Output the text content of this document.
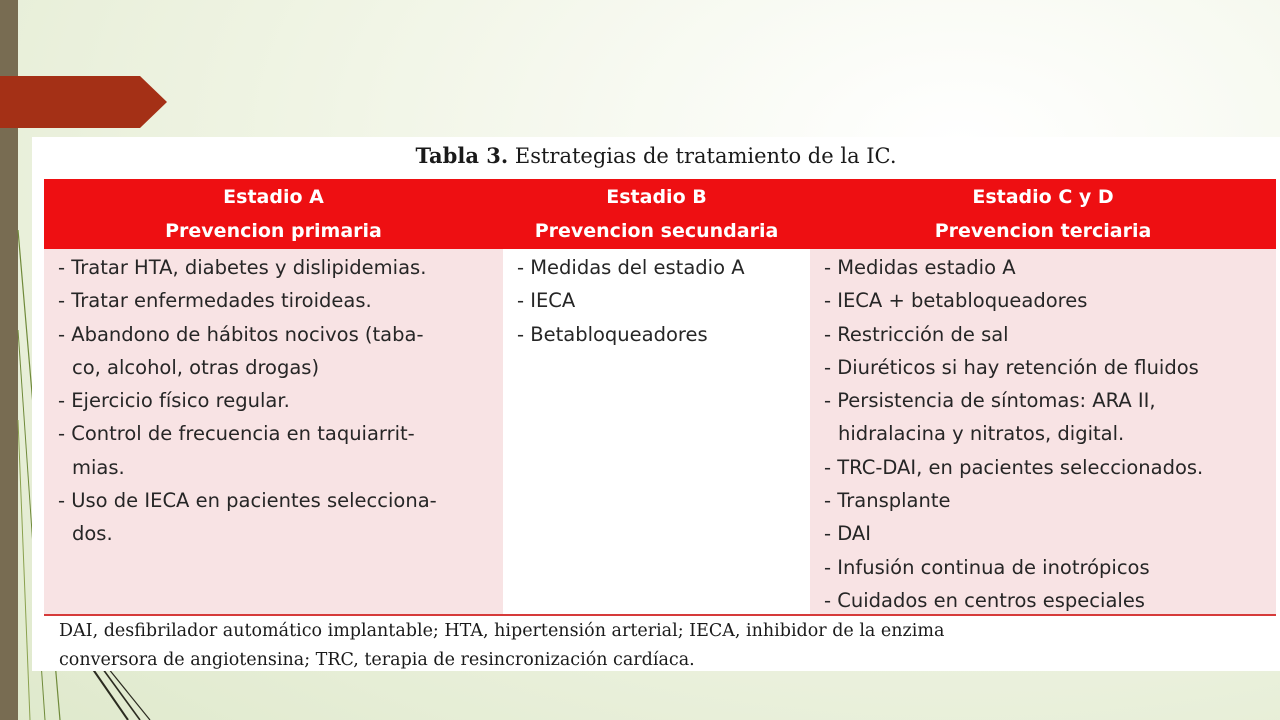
Tabla 3. Estrategias de tratamiento de la IC.
Estadio A
Prevencion primaria
Estadio B
Prevencion secundaria
Estadio C y D
Prevencion terciaria
- Tratar HTA, diabetes y dislipidemias.
- Tratar enfermedades tiroideas.
- Abandono de hábitos nocivos (taba-
co, alcohol, otras drogas)
- Ejercicio físico regular.
- Control de frecuencia en taquiarrit-
mias.
- Uso de IECA en pacientes selecciona-
dos.
- Medidas del estadio A
- IECA
- Betabloqueadores
- Medidas estadio A
- IECA + betabloqueadores
- Restricción de sal
- Diuréticos si hay retención de fluidos
- Persistencia de síntomas: ARA II,
hidralacina y nitratos, digital.
- TRC-DAI, en pacientes seleccionados.
- Transplante
- DAI
- Infusión continua de inotrópicos
- Cuidados en centros especiales
DAI, desfibrilador automático implantable; HTA, hipertensión arterial; IECA, inhibidor de la enzima
conversora de angiotensina; TRC, terapia de resincronización cardíaca.
